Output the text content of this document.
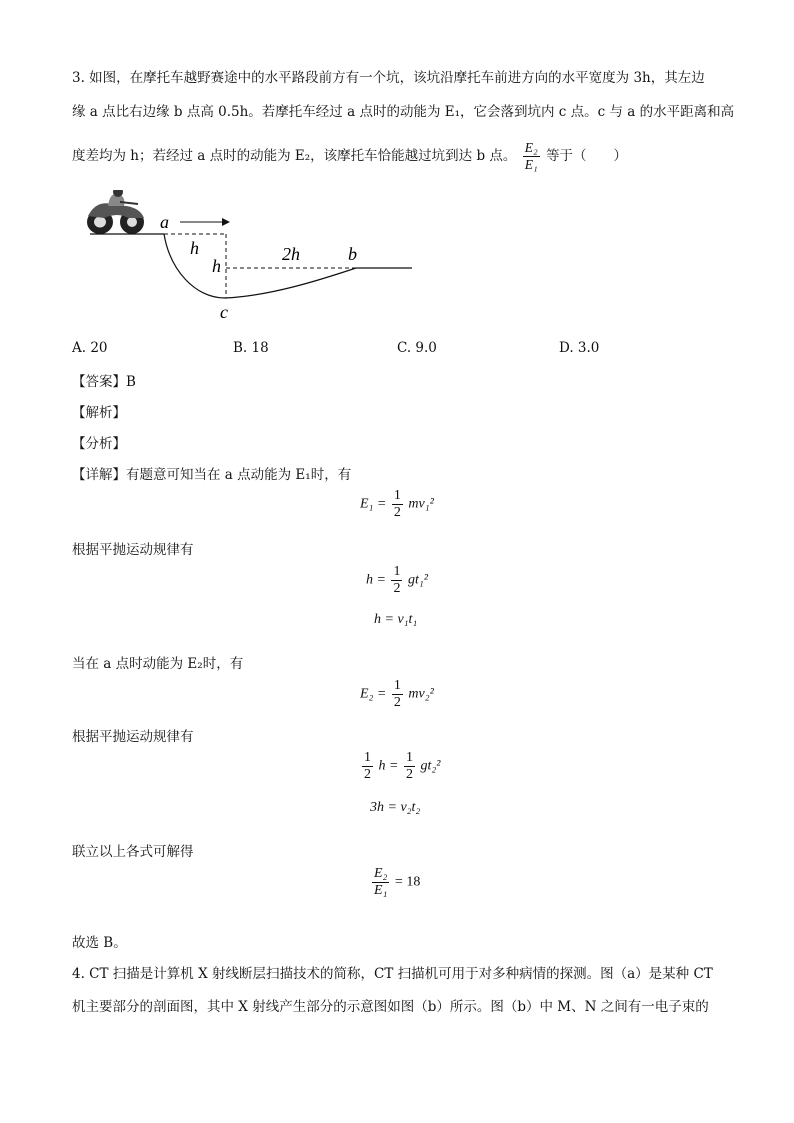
3. 如图，在摩托车越野赛途中的水平路段前方有一个坑，该坑沿摩托车前进方向的水平宽度为 3h，其左边
缘 a 点比右边缘 b 点高 0.5h。若摩托车经过 a 点时的动能为 E₁，它会落到坑内 c 点。c 与 a 的水平距离和高
度差均为 h；若经过 a 点时的动能为 E₂，该摩托车恰能越过坑到达 b 点。 $\frac{\text{E₂}}{\text{E₁}}$ 等于（　　）
a
h
h
2h	b
c
A. 20	B. 18	C. 9.0	D. 3.0
【答案】B
【解析】
【分析】
【详解】有题意可知当在 a 点动能为 E₁时，有
$E_1 = \frac{1}{2} mv_1^2$
根据平抛运动规律有
$h = \frac{1}{2} gt_1^2$
h = v₁t₁
当在 a 点时动能为 E₂时，有
$E_2 = \frac{1}{2} mv_2^2$
根据平抛运动规律有
$\frac{1}{2}$ $h = \frac{1}{2} gt_2^2$
3h = v₂t₂
联立以上各式可解得
$\frac{\text{E₂}}{\text{E₁}} = 18$
故选 B。
4. CT 扫描是计算机 X 射线断层扫描技术的简称，CT 扫描机可用于对多种病情的探测。图（a）是某种 CT
机主要部分的剖面图，其中 X 射线产生部分的示意图如图（b）所示。图（b）中 M、N 之间有一电子束的
